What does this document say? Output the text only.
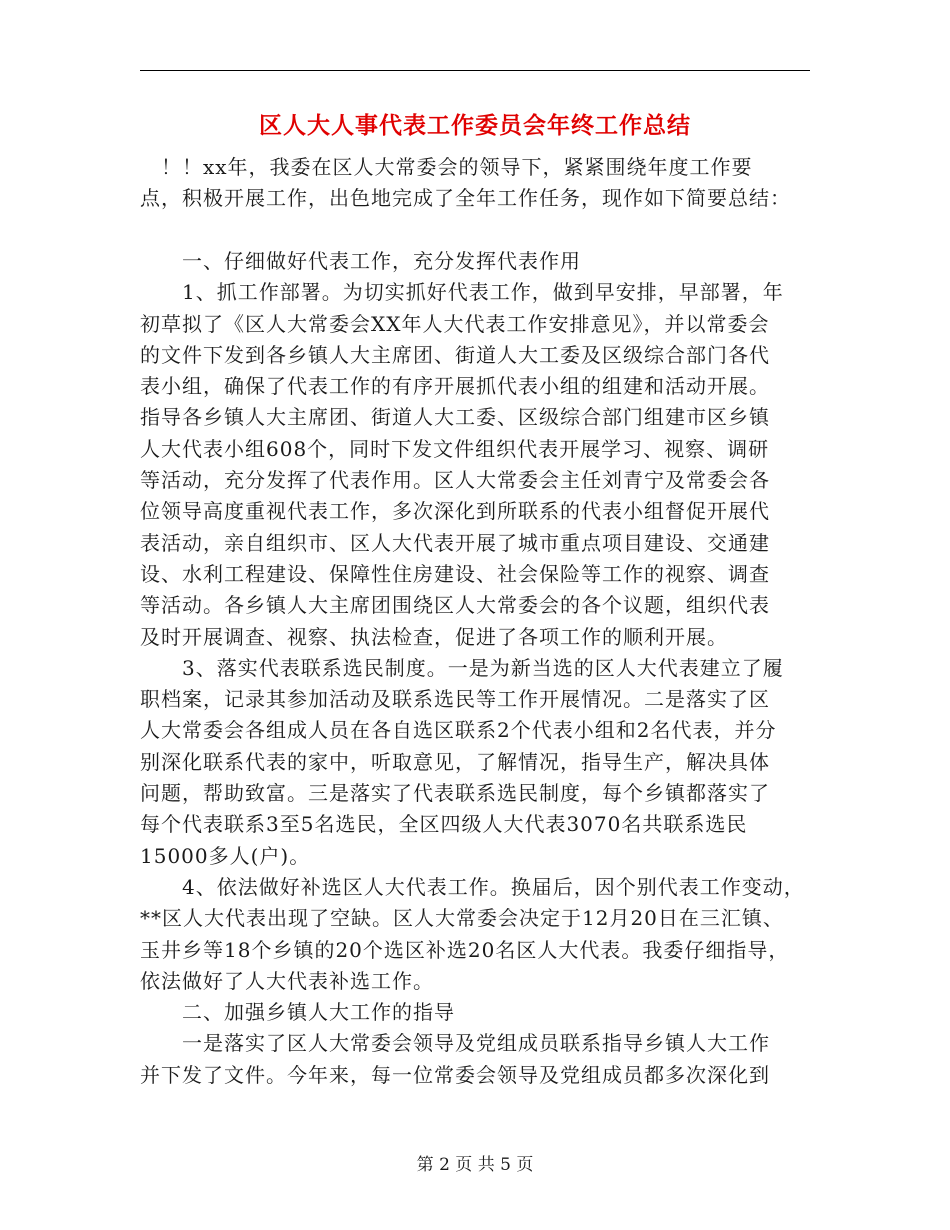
区人大人事代表工作委员会年终工作总结

　！！xx年，我委在区人大常委会的领导下，紧紧围绕年度工作要

点，积极开展工作，出色地完成了全年工作任务，现作如下简要总结：

　　一、仔细做好代表工作，充分发挥代表作用

　　1、抓工作部署。为切实抓好代表工作，做到早安排，早部署，年

初草拟了《区人大常委会XX年人大代表工作安排意见》，并以常委会

的文件下发到各乡镇人大主席团、街道人大工委及区级综合部门各代

表小组，确保了代表工作的有序开展抓代表小组的组建和活动开展。

指导各乡镇人大主席团、街道人大工委、区级综合部门组建市区乡镇

人大代表小组608个，同时下发文件组织代表开展学习、视察、调研

等活动，充分发挥了代表作用。区人大常委会主任刘青宁及常委会各

位领导高度重视代表工作，多次深化到所联系的代表小组督促开展代

表活动，亲自组织市、区人大代表开展了城市重点项目建设、交通建

设、水利工程建设、保障性住房建设、社会保险等工作的视察、调查

等活动。各乡镇人大主席团围绕区人大常委会的各个议题，组织代表

及时开展调查、视察、执法检查，促进了各项工作的顺利开展。

　　3、落实代表联系选民制度。一是为新当选的区人大代表建立了履

职档案，记录其参加活动及联系选民等工作开展情况。二是落实了区

人大常委会各组成人员在各自选区联系2个代表小组和2名代表，并分

别深化联系代表的家中，听取意见，了解情况，指导生产，解决具体

问题，帮助致富。三是落实了代表联系选民制度，每个乡镇都落实了

每个代表联系3至5名选民，全区四级人大代表3070名共联系选民

15000多人(户)。

　　4、依法做好补选区人大代表工作。换届后，因个别代表工作变动，

**区人大代表出现了空缺。区人大常委会决定于12月20日在三汇镇、

玉井乡等18个乡镇的20个选区补选20名区人大代表。我委仔细指导，

依法做好了人大代表补选工作。

　　二、加强乡镇人大工作的指导

　　一是落实了区人大常委会领导及党组成员联系指导乡镇人大工作

并下发了文件。今年来，每一位常委会领导及党组成员都多次深化到

第 2 页 共 5 页
